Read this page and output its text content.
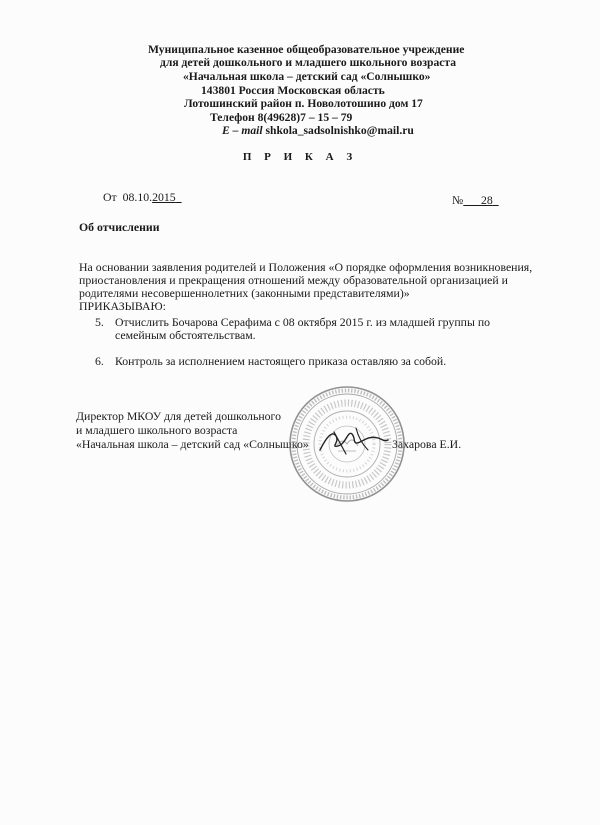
Муниципальное казенное общеобразовательное учреждение
для детей дошкольного и младшего школьного возраста
«Начальная школа – детский сад «Солнышко»
143801 Россия Московская область
Лотошинский район п. Новолотошино дом 17
Телефон 8(49628)7 – 15 – 79
E – mail shkola_sadsolnishko@mail.ru
П Р И К А З
От 08.10.2015	№ 28
Об отчислении
На основании заявления родителей и Положения «О порядке оформления возникновения,
приостановления и прекращения отношений между образовательной организацией и
родителями несовершеннолетних (законными представителями)»
ПРИКАЗЫВАЮ:
5. Отчислить Бочарова Серафима с 08 октября 2015 г. из младшей группы по
семейным обстоятельствам.
6. Контроль за исполнением настоящего приказа оставляю за собой.
Директор МКОУ для детей дошкольного
и младшего школьного возраста
«Начальная школа – детский сад «Солнышко»	Захарова Е.И.
